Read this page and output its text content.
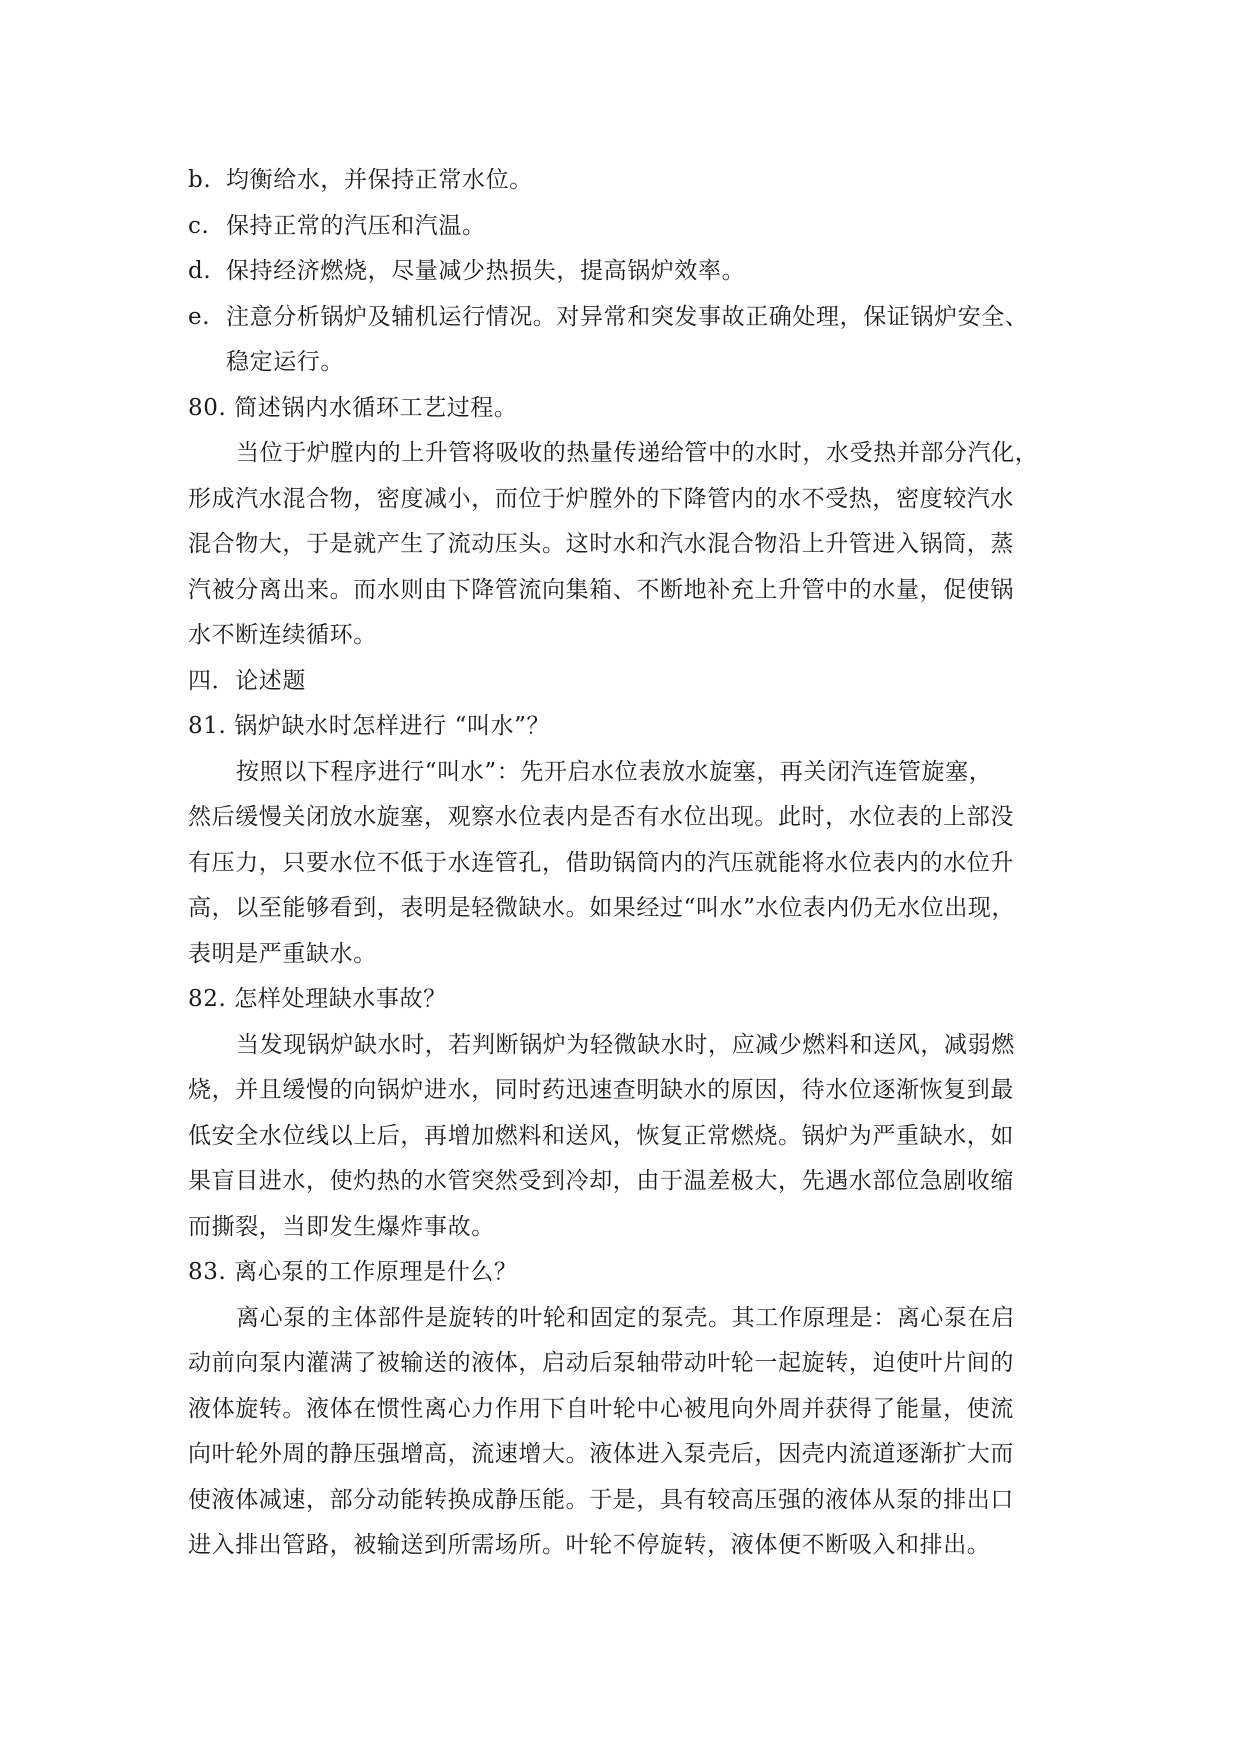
b. 均衡给水，并保持正常水位。
c. 保持正常的汽压和汽温。
d. 保持经济燃烧，尽量减少热损失，提高锅炉效率。
e. 注意分析锅炉及辅机运行情况。对异常和突发事故正确处理，保证锅炉安全、

稳定运行。

80. 简述锅内水循环工艺过程。

当位于炉膛内的上升管将吸收的热量传递给管中的水时，水受热并部分汽化，

形成汽水混合物，密度减小，而位于炉膛外的下降管内的水不受热，密度较汽水

混合物大，于是就产生了流动压头。这时水和汽水混合物沿上升管进入锅筒，蒸

汽被分离出来。而水则由下降管流向集箱、不断地补充上升管中的水量，促使锅

水不断连续循环。

四．论述题

81. 锅炉缺水时怎样进行 “叫水”？

按照以下程序进行“叫水”：先开启水位表放水旋塞，再关闭汽连管旋塞，

然后缓慢关闭放水旋塞，观察水位表内是否有水位出现。此时，水位表的上部没

有压力，只要水位不低于水连管孔，借助锅筒内的汽压就能将水位表内的水位升

高，以至能够看到，表明是轻微缺水。如果经过“叫水”水位表内仍无水位出现，

表明是严重缺水。

82. 怎样处理缺水事故？

当发现锅炉缺水时，若判断锅炉为轻微缺水时，应减少燃料和送风，减弱燃

烧，并且缓慢的向锅炉进水，同时药迅速查明缺水的原因，待水位逐渐恢复到最

低安全水位线以上后，再增加燃料和送风，恢复正常燃烧。锅炉为严重缺水，如

果盲目进水，使灼热的水管突然受到冷却，由于温差极大，先遇水部位急剧收缩

而撕裂，当即发生爆炸事故。

83. 离心泵的工作原理是什么？

离心泵的主体部件是旋转的叶轮和固定的泵壳。其工作原理是：离心泵在启

动前向泵内灌满了被输送的液体，启动后泵轴带动叶轮一起旋转，迫使叶片间的

液体旋转。液体在惯性离心力作用下自叶轮中心被甩向外周并获得了能量，使流

向叶轮外周的静压强增高，流速增大。液体进入泵壳后，因壳内流道逐渐扩大而

使液体减速，部分动能转换成静压能。于是，具有较高压强的液体从泵的排出口

进入排出管路，被输送到所需场所。叶轮不停旋转，液体便不断吸入和排出。
